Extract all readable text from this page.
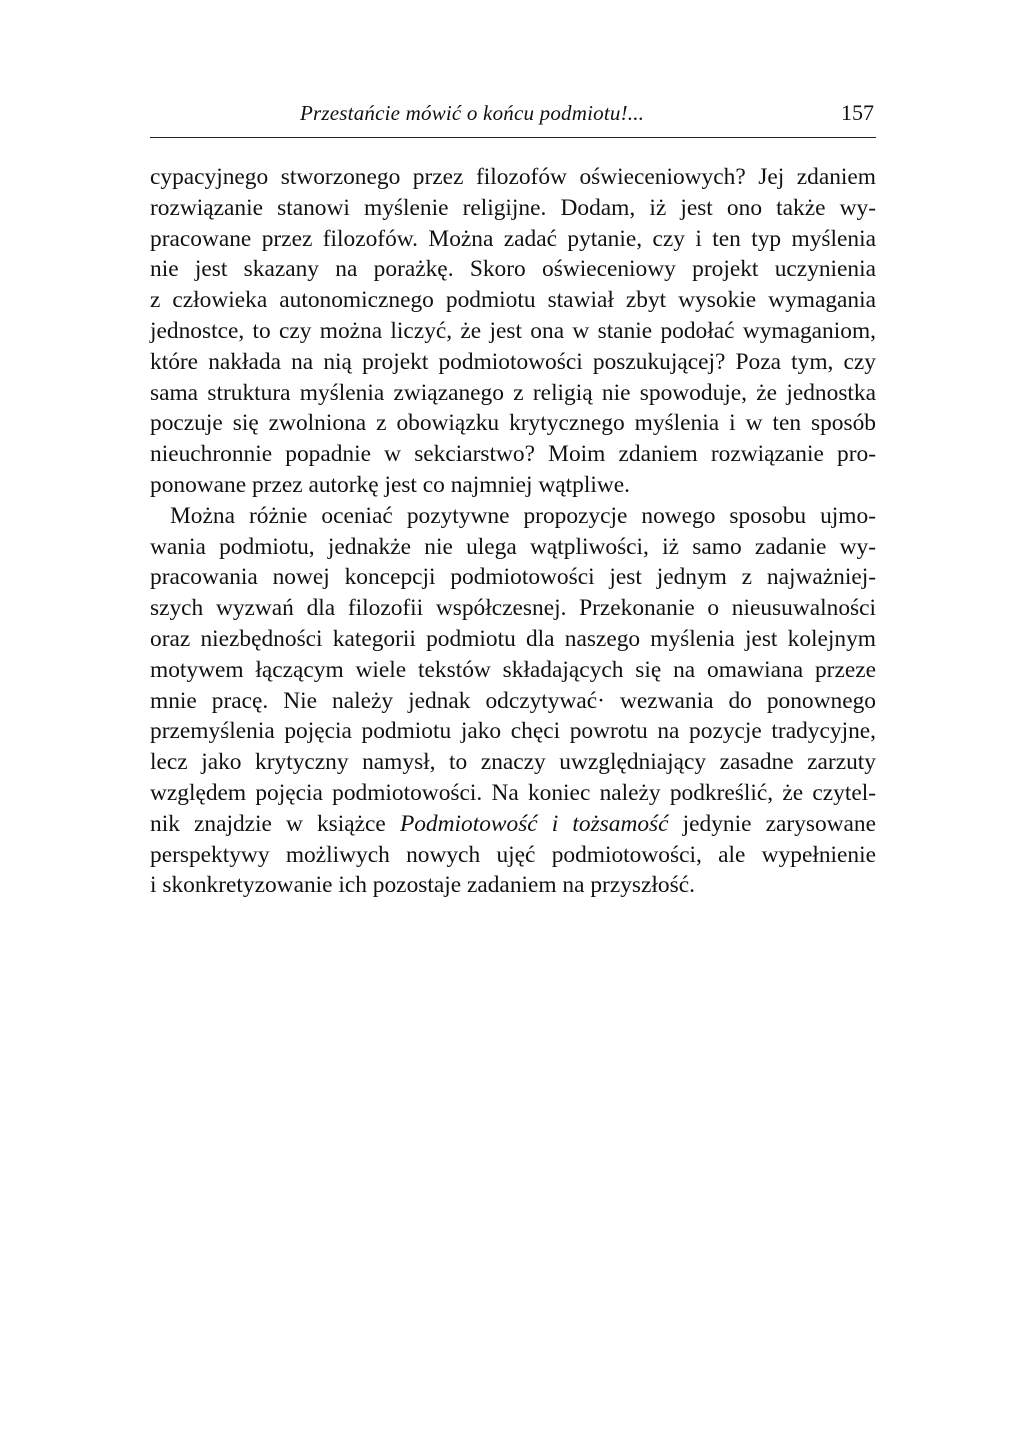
Przestańcie mówić o końcu podmiotu!...	157
cypacyjnego stworzonego przez filozofów oświeceniowych? Jej zdaniem
rozwiązanie stanowi myślenie religijne. Dodam, iż jest ono także wy-
pracowane przez filozofów. Można zadać pytanie, czy i ten typ myślenia
nie jest skazany na porażkę. Skoro oświeceniowy projekt uczynienia
z człowieka autonomicznego podmiotu stawiał zbyt wysokie wymagania
jednostce, to czy można liczyć, że jest ona w stanie podołać wymaganiom,
które nakłada na nią projekt podmiotowości poszukującej? Poza tym, czy
sama struktura myślenia związanego z religią nie spowoduje, że jednostka
poczuje się zwolniona z obowiązku krytycznego myślenia i w ten sposób
nieuchronnie popadnie w sekciarstwo? Moim zdaniem rozwiązanie pro-
ponowane przez autorkę jest co najmniej wątpliwe.
Można różnie oceniać pozytywne propozycje nowego sposobu ujmo-
wania podmiotu, jednakże nie ulega wątpliwości, iż samo zadanie wy-
pracowania nowej koncepcji podmiotowości jest jednym z najważniej-
szych wyzwań dla filozofii współczesnej. Przekonanie o nieusuwalności
oraz niezbędności kategorii podmiotu dla naszego myślenia jest kolejnym
motywem łączącym wiele tekstów składających się na omawiana przeze
mnie pracę. Nie należy jednak odczytywać· wezwania do ponownego
przemyślenia pojęcia podmiotu jako chęci powrotu na pozycje tradycyjne,
lecz jako krytyczny namysł, to znaczy uwzględniający zasadne zarzuty
względem pojęcia podmiotowości. Na koniec należy podkreślić, że czytel-
nik znajdzie w książce Podmiotowość i tożsamość jedynie zarysowane
perspektywy możliwych nowych ujęć podmiotowości, ale wypełnienie
i skonkretyzowanie ich pozostaje zadaniem na przyszłość.
